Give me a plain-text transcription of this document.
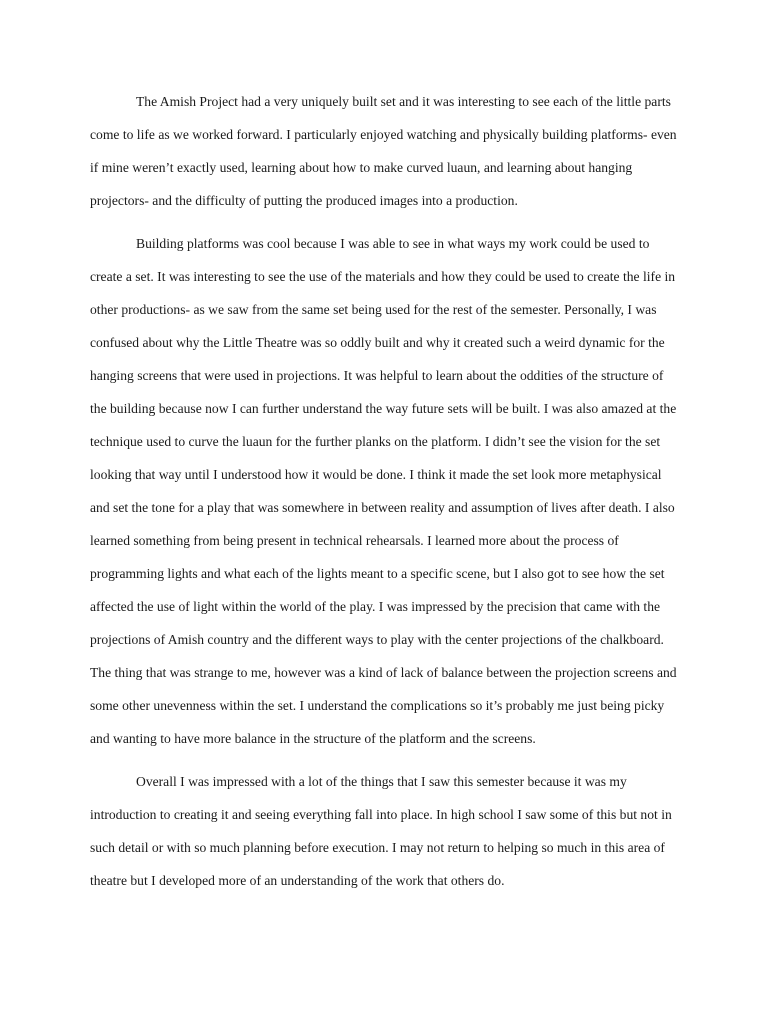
The Amish Project had a very uniquely built set and it was interesting to see each of the little parts come to life as we worked forward. I particularly enjoyed watching and physically building platforms- even if mine weren’t exactly used, learning about how to make curved luaun, and learning about hanging projectors- and the difficulty of putting the produced images into a production.

Building platforms was cool because I was able to see in what ways my work could be used to create a set. It was interesting to see the use of the materials and how they could be used to create the life in other productions- as we saw from the same set being used for the rest of the semester. Personally, I was confused about why the Little Theatre was so oddly built and why it created such a weird dynamic for the hanging screens that were used in projections. It was helpful to learn about the oddities of the structure of the building because now I can further understand the way future sets will be built. I was also amazed at the technique used to curve the luaun for the further planks on the platform. I didn’t see the vision for the set looking that way until I understood how it would be done. I think it made the set look more metaphysical and set the tone for a play that was somewhere in between reality and assumption of lives after death. I also learned something from being present in technical rehearsals. I learned more about the process of programming lights and what each of the lights meant to a specific scene, but I also got to see how the set affected the use of light within the world of the play. I was impressed by the precision that came with the projections of Amish country and the different ways to play with the center projections of the chalkboard. The thing that was strange to me, however was a kind of lack of balance between the projection screens and some other unevenness within the set. I understand the complications so it’s probably me just being picky and wanting to have more balance in the structure of the platform and the screens.

Overall I was impressed with a lot of the things that I saw this semester because it was my introduction to creating it and seeing everything fall into place. In high school I saw some of this but not in such detail or with so much planning before execution. I may not return to helping so much in this area of theatre but I developed more of an understanding of the work that others do.
